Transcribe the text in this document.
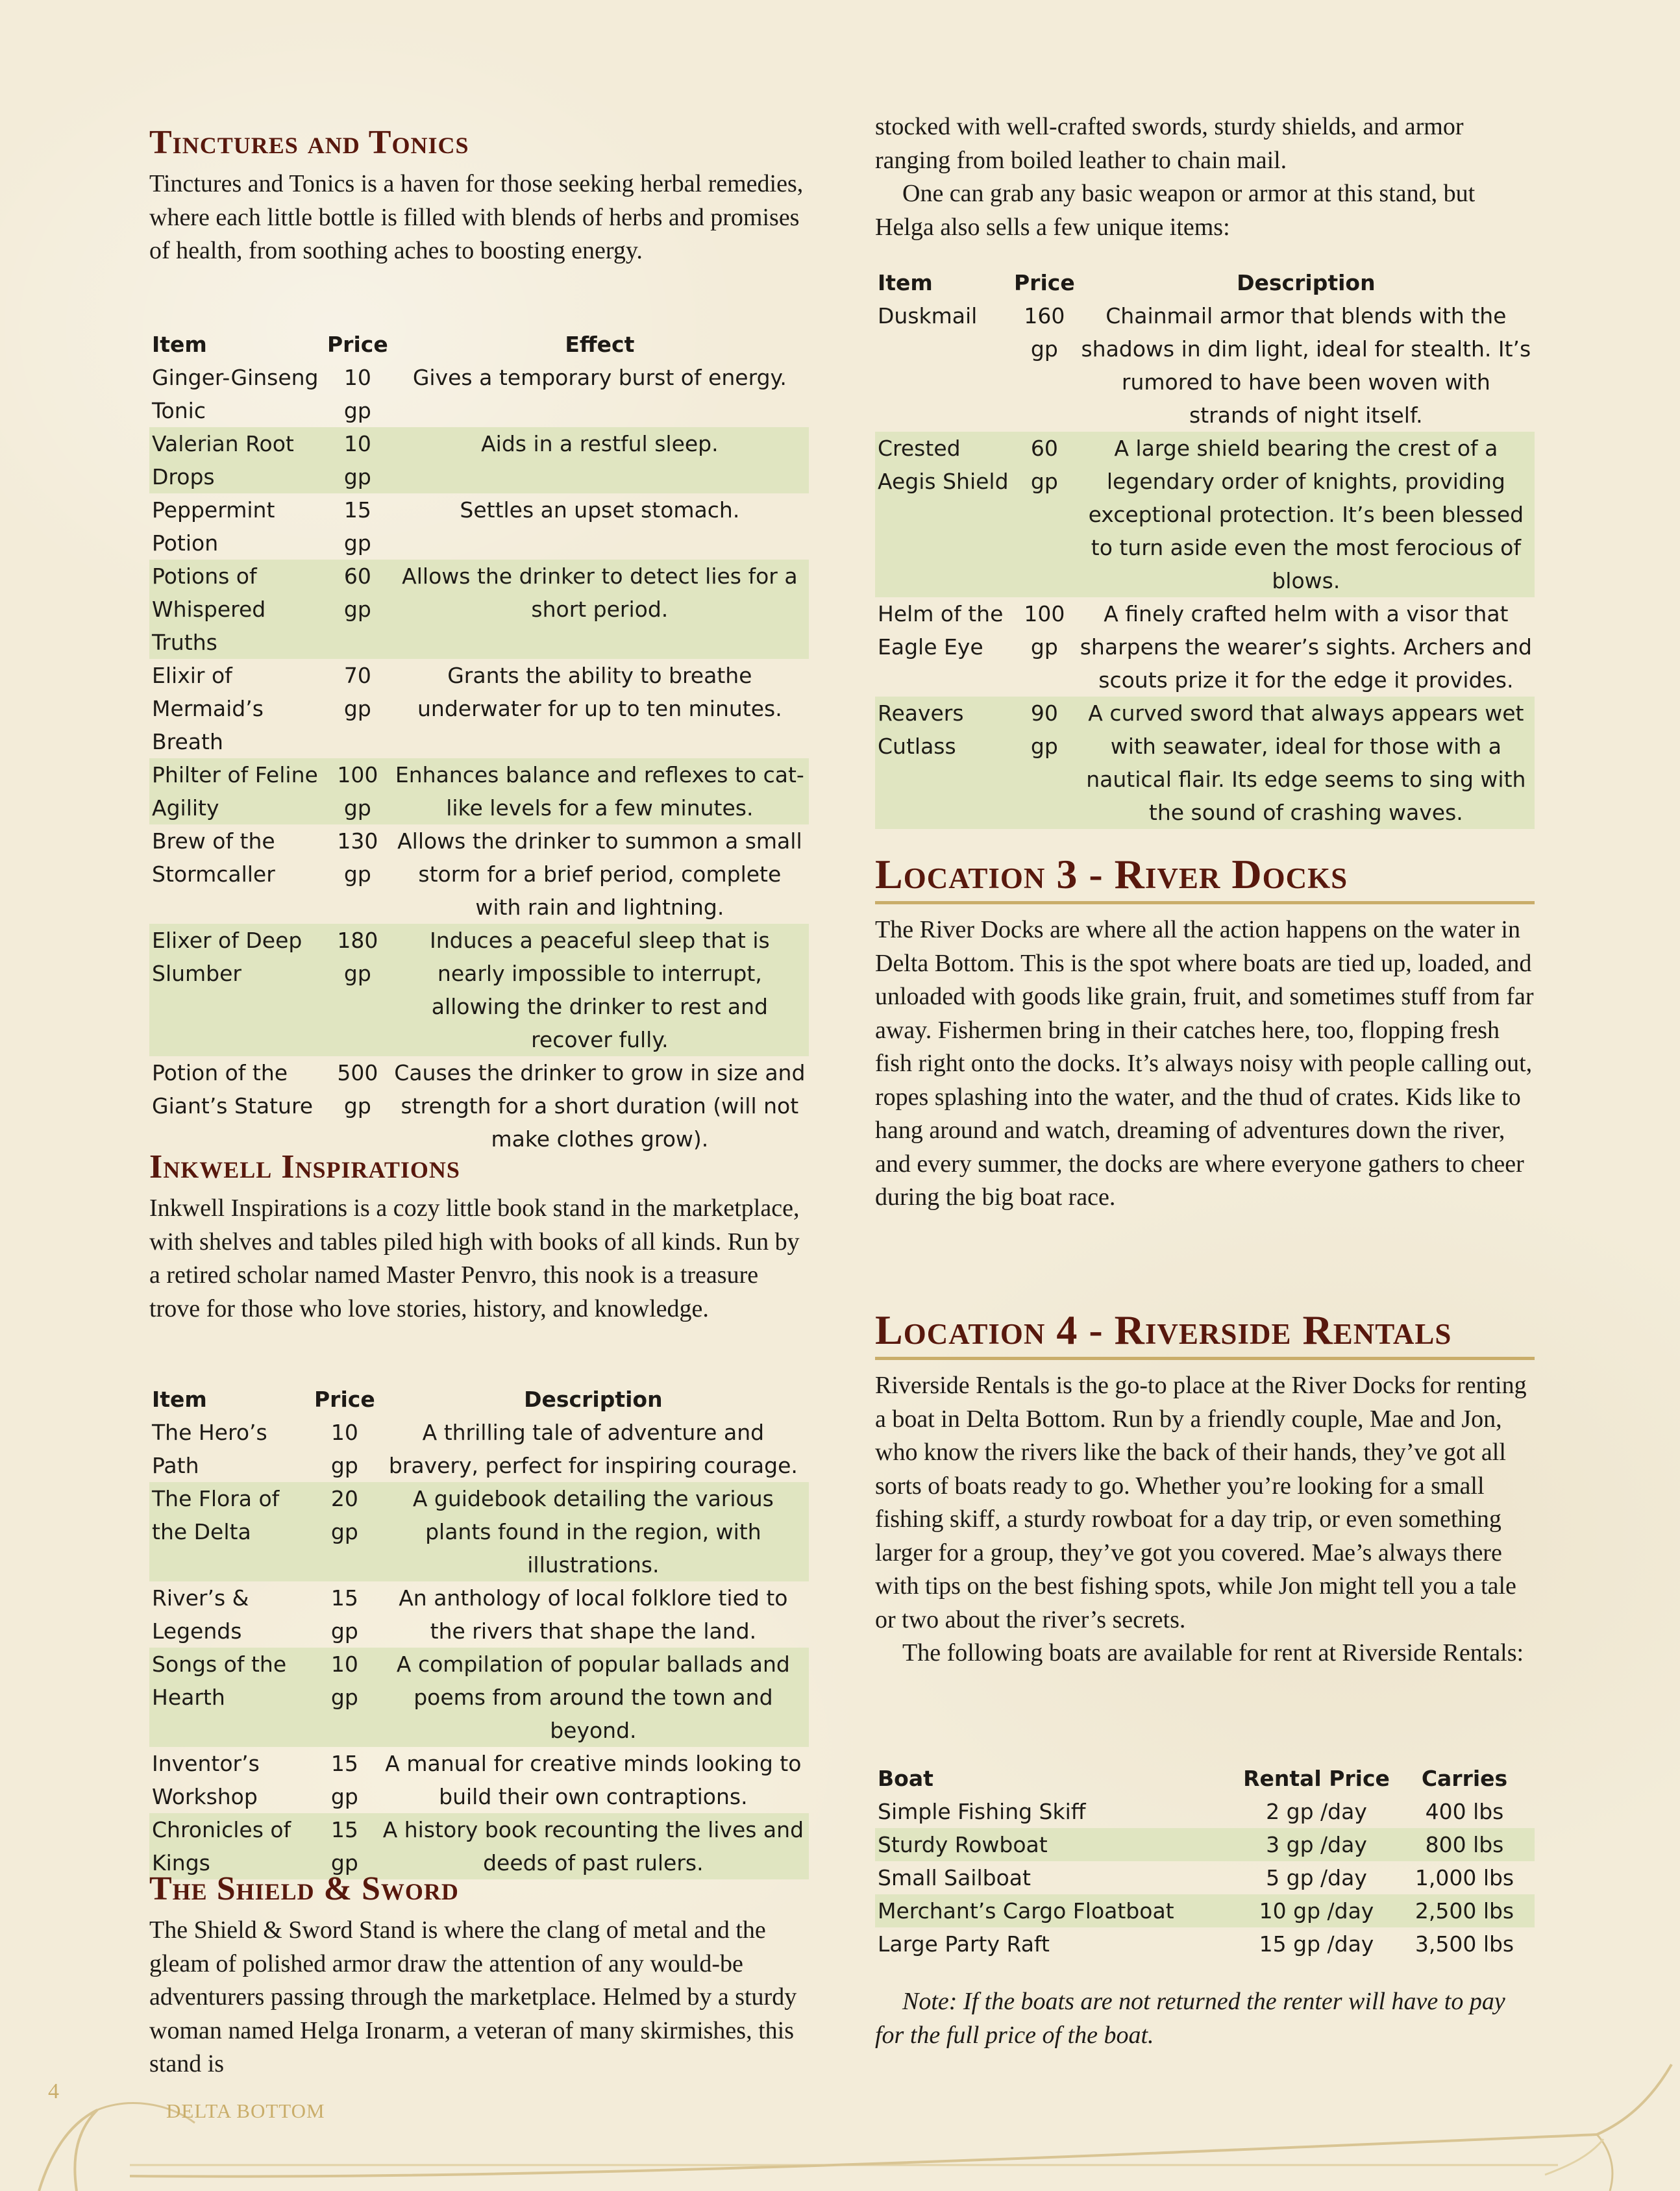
Tinctures and Tonics

Tinctures and Tonics is a haven for those seeking herbal remedies, where each little bottle is filled with blends of herbs and promises of health, from soothing aches to boosting energy.

Item	Price	Effect
Ginger-Ginseng Tonic	10 gp	Gives a temporary burst of energy.
Valerian Root Drops	10 gp	Aids in a restful sleep.
Peppermint Potion	15 gp	Settles an upset stomach.
Potions of Whispered Truths	60 gp	Allows the drinker to detect lies for a short period.
Elixir of Mermaid’s Breath	70 gp	Grants the ability to breathe underwater for up to ten minutes.
Philter of Feline Agility	100 gp	Enhances balance and reflexes to cat-like levels for a few minutes.
Brew of the Stormcaller	130 gp	Allows the drinker to summon a small storm for a brief period, complete with rain and lightning.
Elixer of Deep Slumber	180 gp	Induces a peaceful sleep that is nearly impossible to interrupt, allowing the drinker to rest and recover fully.
Potion of the Giant’s Stature	500 gp	Causes the drinker to grow in size and strength for a short duration (will not make clothes grow).
Inkwell Inspirations

Inkwell Inspirations is a cozy little book stand in the marketplace, with shelves and tables piled high with books of all kinds. Run by a retired scholar named Master Penvro, this nook is a treasure trove for those who love stories, history, and knowledge.

Item	Price	Description
The Hero’s Path	10 gp	A thrilling tale of adventure and bravery, perfect for inspiring courage.
The Flora of the Delta	20 gp	A guidebook detailing the various plants found in the region, with illustrations.
River’s & Legends	15 gp	An anthology of local folklore tied to the rivers that shape the land.
Songs of the Hearth	10 gp	A compilation of popular ballads and poems from around the town and beyond.
Inventor’s Workshop	15 gp	A manual for creative minds looking to build their own contraptions.
Chronicles of Kings	15 gp	A history book recounting the lives and deeds of past rulers.
The Shield & Sword

The Shield & Sword Stand is where the clang of metal and the gleam of polished armor draw the attention of any would-be adventurers passing through the marketplace. Helmed by a sturdy woman named Helga Ironarm, a veteran of many skirmishes, this stand is

stocked with well-crafted swords, sturdy shields, and armor ranging from boiled leather to chain mail.

One can grab any basic weapon or armor at this stand, but Helga also sells a few unique items:

Item	Price	Description
Duskmail	160 gp	Chainmail armor that blends with the shadows in dim light, ideal for stealth. It’s rumored to have been woven with strands of night itself.
Crested Aegis Shield	60 gp	A large shield bearing the crest of a legendary order of knights, providing exceptional protection. It’s been blessed to turn aside even the most ferocious of blows.
Helm of the Eagle Eye	100 gp	A finely crafted helm with a visor that sharpens the wearer’s sights. Archers and scouts prize it for the edge it provides.
Reavers Cutlass	90 gp	A curved sword that always appears wet with seawater, ideal for those with a nautical flair. Its edge seems to sing with the sound of crashing waves.
Location 3 - River Docks

The River Docks are where all the action happens on the water in Delta Bottom. This is the spot where boats are tied up, loaded, and unloaded with goods like grain, fruit, and sometimes stuff from far away. Fishermen bring in their catches here, too, flopping fresh fish right onto the docks. It’s always noisy with people calling out, ropes splashing into the water, and the thud of crates. Kids like to hang around and watch, dreaming of adventures down the river, and every summer, the docks are where everyone gathers to cheer during the big boat race.

Location 4 - Riverside Rentals

Riverside Rentals is the go-to place at the River Docks for renting a boat in Delta Bottom. Run by a friendly couple, Mae and Jon, who know the rivers like the back of their hands, they’ve got all sorts of boats ready to go. Whether you’re looking for a small fishing skiff, a sturdy rowboat for a day trip, or even something larger for a group, they’ve got you covered. Mae’s always there with tips on the best fishing spots, while Jon might tell you a tale or two about the river’s secrets.

The following boats are available for rent at Riverside Rentals:

Boat	Rental Price	Carries
Simple Fishing Skiff	2 gp /day	400 lbs
Sturdy Rowboat	3 gp /day	800 lbs
Small Sailboat	5 gp /day	1,000 lbs
Merchant’s Cargo Floatboat	10 gp /day	2,500 lbs
Large Party Raft	15 gp /day	3,500 lbs

Note: If the boats are not returned the renter will have to pay for the full price of the boat.

DELTA BOTTOM
4
